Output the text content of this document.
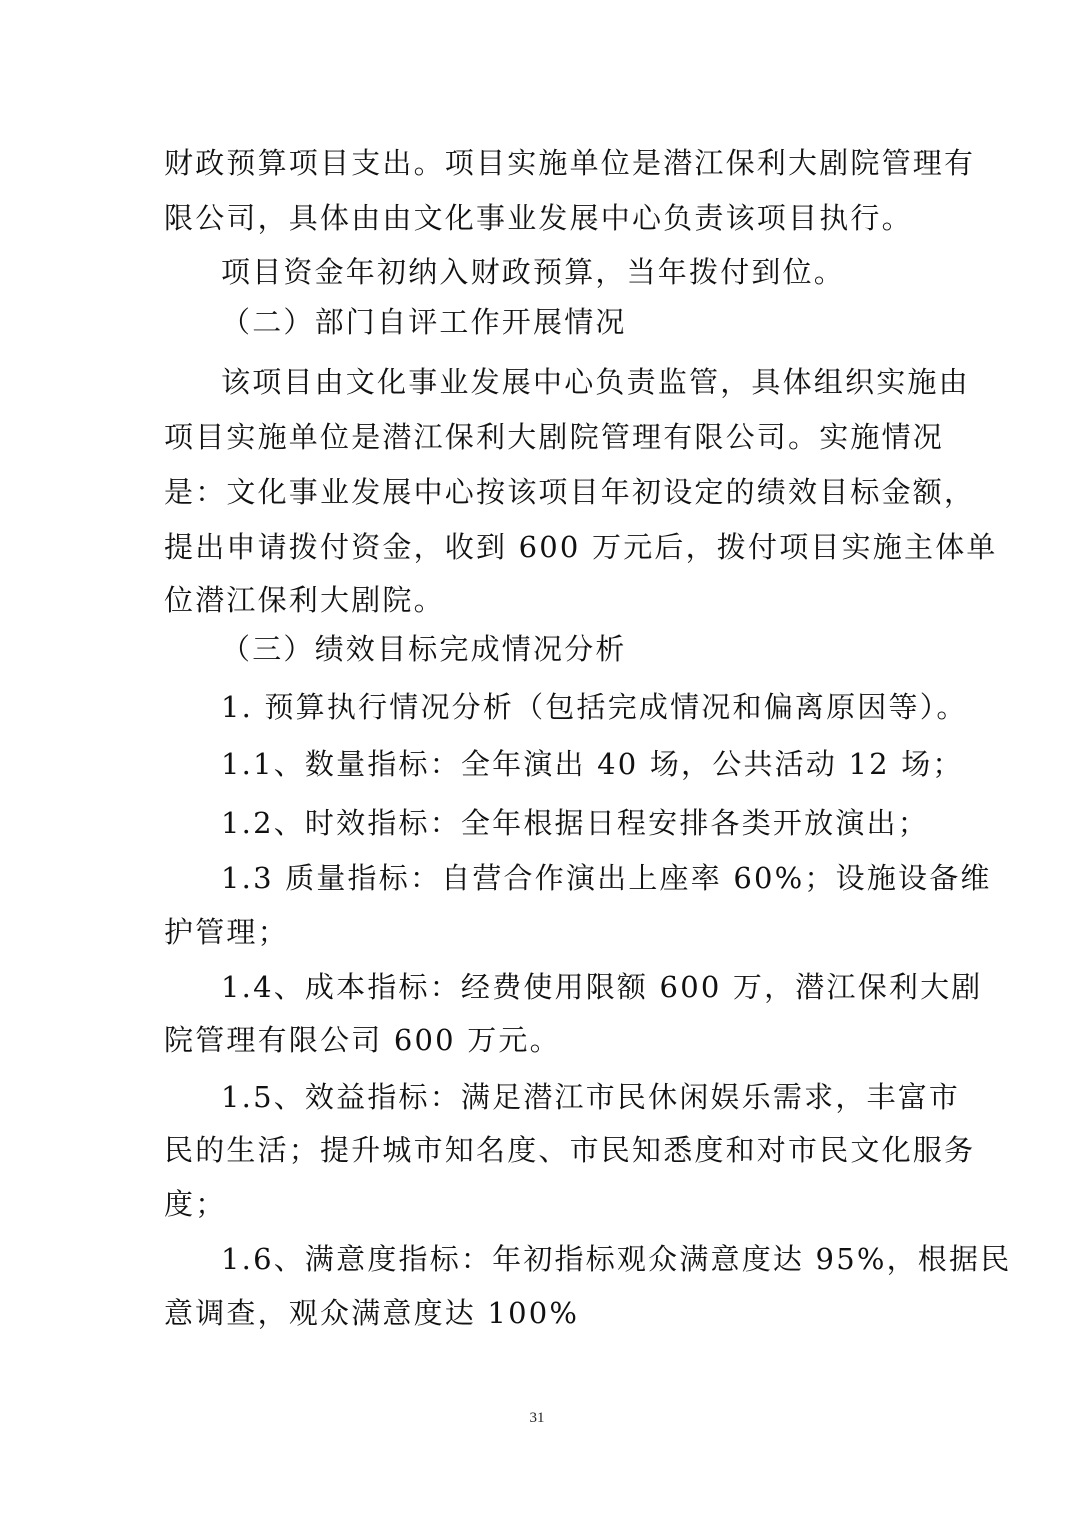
财政预算项目支出。项目实施单位是潜江保利大剧院管理有
限公司，具体由由文化事业发展中心负责该项目执行。
项目资金年初纳入财政预算，当年拨付到位。
（二）部门自评工作开展情况
该项目由文化事业发展中心负责监管，具体组织实施由
项目实施单位是潜江保利大剧院管理有限公司。实施情况
是：文化事业发展中心按该项目年初设定的绩效目标金额，
提出申请拨付资金，收到 600 万元后，拨付项目实施主体单
位潜江保利大剧院。
（三）绩效目标完成情况分析
1. 预算执行情况分析（包括完成情况和偏离原因等）。
1.1、数量指标：全年演出 40 场，公共活动 12 场；
1.2、时效指标：全年根据日程安排各类开放演出；
1.3 质量指标：自营合作演出上座率 60%；设施设备维
护管理；
1.4、成本指标：经费使用限额 600 万，潜江保利大剧
院管理有限公司 600 万元。
1.5、效益指标：满足潜江市民休闲娱乐需求，丰富市
民的生活；提升城市知名度、市民知悉度和对市民文化服务
度；
1.6、满意度指标：年初指标观众满意度达 95%，根据民
意调查，观众满意度达 100%
31
